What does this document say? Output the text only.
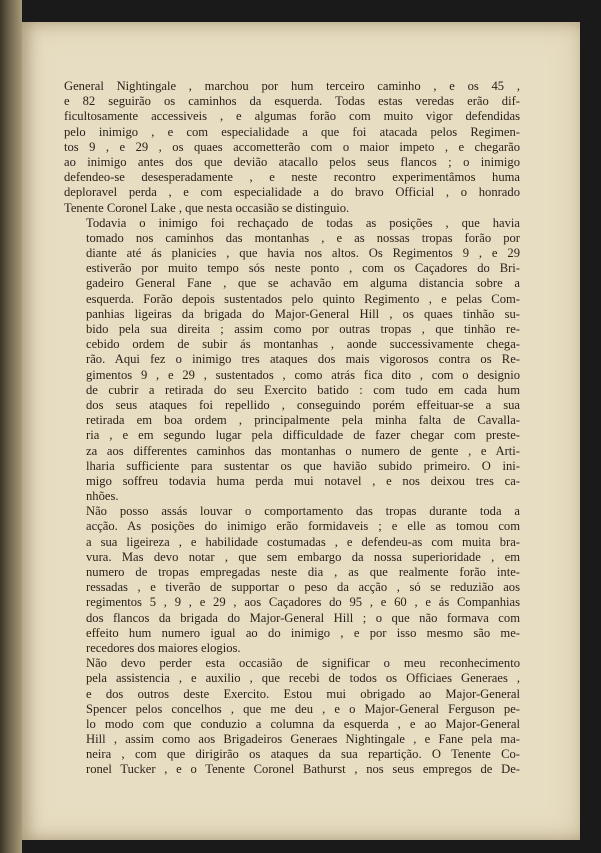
General Nightingale , marchou por hum terceiro caminho , e os 45 ,
e 82 seguirão os caminhos da esquerda. Todas estas veredas erão dif-
ficultosamente accessiveis , e algumas forão com muito vigor defendidas
pelo inimigo , e com especialidade a que foi atacada pelos Regimen-
tos 9 , e 29 , os quaes accometterão com o maior impeto , e chegarão
ao inimigo antes dos que devião atacallo pelos seus flancos ; o inimigo
defendeo-se desesperadamente , e neste recontro experimentâmos huma
deploravel perda , e com especialidade a do bravo Official , o honrado
Tenente Coronel Lake , que nesta occasião se distinguio.
Todavia o inimigo foi rechaçado de todas as posições , que havia
tomado nos caminhos das montanhas , e as nossas tropas forão por
diante até ás planicies , que havia nos altos. Os Regimentos 9 , e 29
estiverão por muito tempo sós neste ponto , com os Caçadores do Bri-
gadeiro General Fane , que se achavão em alguma distancia sobre a
esquerda. Forão depois sustentados pelo quinto Regimento , e pelas Com-
panhias ligeiras da brigada do Major-General Hill , os quaes tinhão su-
bido pela sua direita ; assim como por outras tropas , que tinhão re-
cebido ordem de subir ás montanhas , aonde successivamente chega-
rão. Aqui fez o inimigo tres ataques dos mais vigorosos contra os Re-
gimentos 9 , e 29 , sustentados , como atrás fica dito , com o designio
de cubrir a retirada do seu Exercito batido : com tudo em cada hum
dos seus ataques foi repellido , conseguindo porém effeituar-se a sua
retirada em boa ordem , principalmente pela minha falta de Cavalla-
ria , e em segundo lugar pela difficuldade de fazer chegar com preste-
za aos differentes caminhos das montanhas o numero de gente , e Arti-
lharia sufficiente para sustentar os que havião subido primeiro. O ini-
migo soffreu todavia huma perda mui notavel , e nos deixou tres ca-
nhões.
Não posso assás louvar o comportamento das tropas durante toda a
acção. As posições do inimigo erão formidaveis ; e elle as tomou com
a sua ligeireza , e habilidade costumadas , e defendeu-as com muita bra-
vura. Mas devo notar , que sem embargo da nossa superioridade , em
numero de tropas empregadas neste dia , as que realmente forão inte-
ressadas , e tiverão de supportar o peso da acção , só se reduzião aos
regimentos 5 , 9 , e 29 , aos Caçadores do 95 , e 60 , e ás Companhias
dos flancos da brigada do Major-General Hill ; o que não formava com
effeito hum numero igual ao do inimigo , e por isso mesmo são me-
recedores dos maiores elogios.
Não devo perder esta occasião de significar o meu reconhecimento
pela assistencia , e auxilio , que recebi de todos os Officiaes Generaes ,
e dos outros deste Exercito. Estou mui obrigado ao Major-General
Spencer pelos concelhos , que me deu , e o Major-General Ferguson pe-
lo modo com que conduzio a columna da esquerda , e ao Major-General
Hill , assim como aos Brigadeiros Generaes Nightingale , e Fane pela ma-
neira , com que dirigirão os ataques da sua repartição. O Tenente Co-
ronel Tucker , e o Tenente Coronel Bathurst , nos seus empregos de De-
